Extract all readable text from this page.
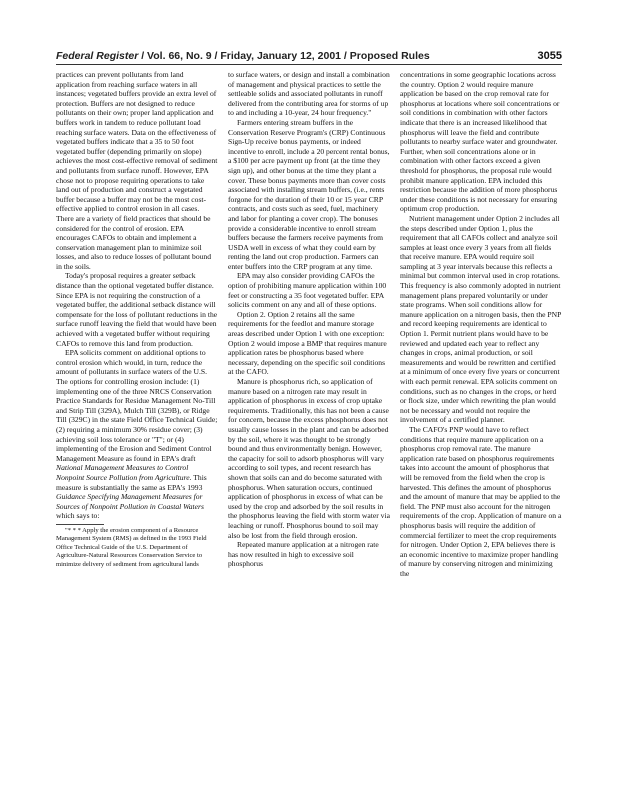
Federal Register / Vol. 66, No. 9 / Friday, January 12, 2001 / Proposed Rules	3055

practices can prevent pollutants from land application from reaching surface waters in all instances; vegetated buffers provide an extra level of protection. Buffers are not designed to reduce pollutants on their own; proper land application and buffers work in tandem to reduce pollutant load reaching surface waters. Data on the effectiveness of vegetated buffers indicate that a 35 to 50 foot vegetated buffer (depending primarily on slope) achieves the most cost-effective removal of sediment and pollutants from surface runoff. However, EPA chose not to propose requiring operations to take land out of production and construct a vegetated buffer because a buffer may not be the most cost-effective applied to control erosion in all cases. There are a variety of field practices that should be considered for the control of erosion. EPA encourages CAFOs to obtain and implement a conservation management plan to minimize soil losses, and also to reduce losses of pollutant bound in the soils.

Today's proposal requires a greater setback distance than the optional vegetated buffer distance. Since EPA is not requiring the construction of a vegetated buffer, the additional setback distance will compensate for the loss of pollutant reductions in the surface runoff leaving the field that would have been achieved with a vegetated buffer without requiring CAFOs to remove this land from production.

EPA solicits comment on additional options to control erosion which would, in turn, reduce the amount of pollutants in surface waters of the U.S. The options for controlling erosion include: (1) implementing one of the three NRCS Conservation Practice Standards for Residue Management No-Till and Strip Till (329A), Mulch Till (329B), or Ridge Till (329C) in the state Field Office Technical Guide; (2) requiring a minimum 30% residue cover; (3) achieving soil loss tolerance or "T"; or (4) implementing of the Erosion and Sediment Control Management Measure as found in EPA's draft National Management Measures to Control Nonpoint Source Pollution from Agriculture. This measure is substantially the same as EPA's 1993 Guidance Specifying Management Measures for Sources of Nonpoint Pollution in Coastal Waters which says to:

"* * * Apply the erosion component of a Resource Management System (RMS) as defined in the 1993 Field Office Technical Guide of the U.S. Department of Agriculture-Natural Resources Conservation Service to minimize delivery of sediment from agricultural lands

to surface waters, or design and install a combination of management and physical practices to settle the settleable solids and associated pollutants in runoff delivered from the contributing area for storms of up to and including a 10-year, 24 hour frequency."

Farmers entering stream buffers in the Conservation Reserve Program's (CRP) Continuous Sign-Up receive bonus payments, or indeed incentive to enroll, include a 20 percent rental bonus, a $100 per acre payment up front (at the time they sign up), and other bonus at the time they plant a cover. These bonus payments more than cover costs associated with installing stream buffers, (i.e., rents forgone for the duration of their 10 or 15 year CRP contracts, and costs such as seed, fuel, machinery and labor for planting a cover crop). The bonuses provide a considerable incentive to enroll stream buffers because the farmers receive payments from USDA well in excess of what they could earn by renting the land out crop production. Farmers can enter buffers into the CRP program at any time.

EPA may also consider providing CAFOs the option of prohibiting manure application within 100 feet or constructing a 35 foot vegetated buffer. EPA solicits comment on any and all of these options.

Option 2. Option 2 retains all the same requirements for the feedlot and manure storage areas described under Option 1 with one exception: Option 2 would impose a BMP that requires manure application rates be phosphorus based where necessary, depending on the specific soil conditions at the CAFO.

Manure is phosphorus rich, so application of manure based on a nitrogen rate may result in application of phosphorus in excess of crop uptake requirements. Traditionally, this has not been a cause for concern, because the excess phosphorus does not usually cause losses in the plant and can be adsorbed by the soil, where it was thought to be strongly bound and thus environmentally benign. However, the capacity for soil to adsorb phosphorus will vary according to soil types, and recent research has shown that soils can and do become saturated with phosphorus. When saturation occurs, continued application of phosphorus in excess of what can be used by the crop and adsorbed by the soil results in the phosphorus leaving the field with storm water via leaching or runoff. Phosphorus bound to soil may also be lost from the field through erosion.

Repeated manure application at a nitrogen rate has now resulted in high to excessive soil phosphorus

concentrations in some geographic locations across the country. Option 2 would require manure application be based on the crop removal rate for phosphorus at locations where soil concentrations or soil conditions in combination with other factors indicate that there is an increased likelihood that phosphorus will leave the field and contribute pollutants to nearby surface water and groundwater. Further, when soil concentrations alone or in combination with other factors exceed a given threshold for phosphorus, the proposal rule would prohibit manure application. EPA included this restriction because the addition of more phosphorus under these conditions is not necessary for ensuring optimum crop production.

Nutrient management under Option 2 includes all the steps described under Option 1, plus the requirement that all CAFOs collect and analyze soil samples at least once every 3 years from all fields that receive manure. EPA would require soil sampling at 3 year intervals because this reflects a minimal but common interval used in crop rotations. This frequency is also commonly adopted in nutrient management plans prepared voluntarily or under state programs. When soil conditions allow for manure application on a nitrogen basis, then the PNP and record keeping requirements are identical to Option 1. Permit nutrient plans would have to be reviewed and updated each year to reflect any changes in crops, animal production, or soil measurements and would be rewritten and certified at a minimum of once every five years or concurrent with each permit renewal. EPA solicits comment on conditions, such as no changes in the crops, or herd or flock size, under which rewriting the plan would not be necessary and would not require the involvement of a certified planner.

The CAFO's PNP would have to reflect conditions that require manure application on a phosphorus crop removal rate. The manure application rate based on phosphorus requirements takes into account the amount of phosphorus that will be removed from the field when the crop is harvested. This defines the amount of phosphorus and the amount of manure that may be applied to the field. The PNP must also account for the nitrogen requirements of the crop. Application of manure on a phosphorus basis will require the addition of commercial fertilizer to meet the crop requirements for nitrogen. Under Option 2, EPA believes there is an economic incentive to maximize proper handling of manure by conserving nitrogen and minimizing the
